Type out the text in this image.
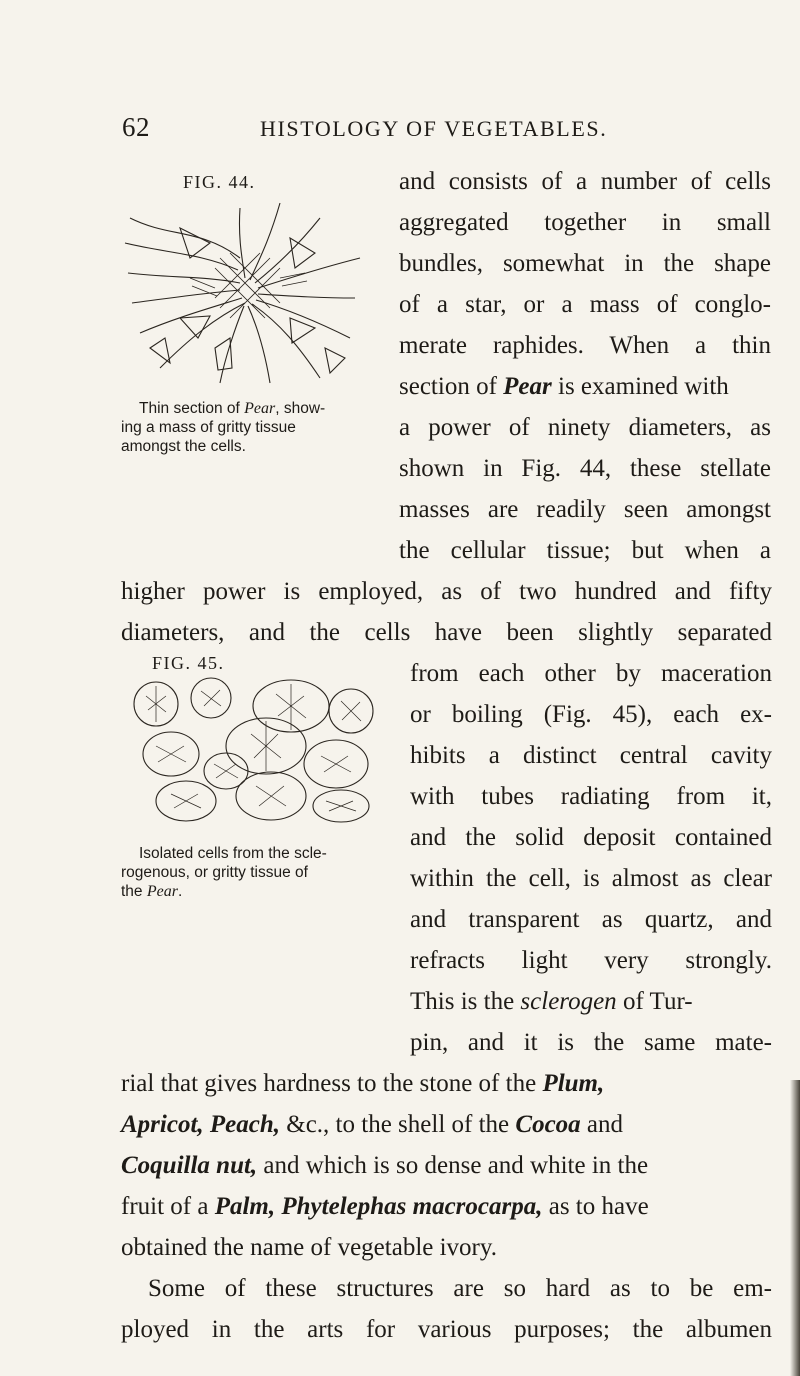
62	HISTOLOGY OF VEGETABLES.
FIG. 44.
Thin section of Pear, show-
ing a mass of gritty tissue
amongst the cells.
FIG. 45.
Isolated cells from the scle-
rogenous, or gritty tissue of
the Pear.
and consists of a number of cells
aggregated together in small
bundles, somewhat in the shape
of a star, or a mass of conglo-
merate raphides. When a thin
section of Pear is examined with
a power of ninety diameters, as
shown in Fig. 44, these stellate
masses are readily seen amongst
the cellular tissue; but when a
higher power is employed, as of two hundred and fifty
diameters, and the cells have been slightly separated
from each other by maceration
or boiling (Fig. 45), each ex-
hibits a distinct central cavity
with tubes radiating from it,
and the solid deposit contained
within the cell, is almost as clear
and transparent as quartz, and
refracts light very strongly.
This is the sclerogen of Tur-
pin, and it is the same mate-
rial that gives hardness to the stone of the Plum,
Apricot, Peach, &c., to the shell of the Cocoa and
Coquilla nut, and which is so dense and white in the
fruit of a Palm, Phytelephas macrocarpa, as to have
obtained the name of vegetable ivory.
Some of these structures are so hard as to be em-
ployed in the arts for various purposes; the albumen
